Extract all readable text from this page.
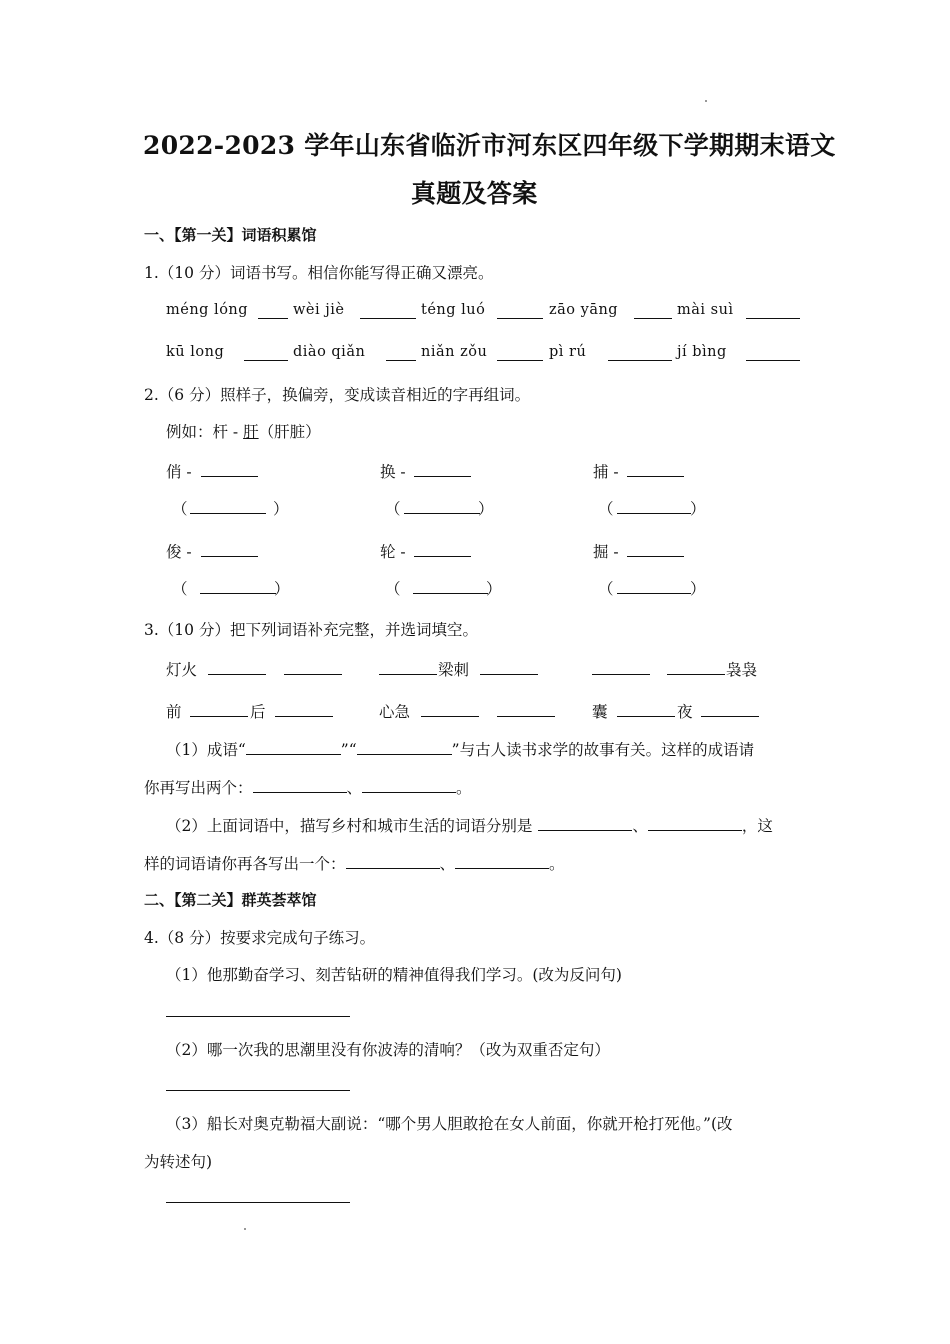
2022-2023 学年山东省临沂市河东区四年级下学期期末语文
真题及答案
一、【第一关】词语积累馆
1.（10 分）词语书写。相信你能写得正确又漂亮。
méng lóng	wèi jiè	téng luó	zāo yāng	mài suì
kū long	diào qiǎn	niǎn zǒu	pì rú	jí bìng
2.（6 分）照样子，换偏旁，变成读音相近的字再组词。
例如：杆 - 肝（肝脏）
俏 -	换 -	捕 -
（	）	（	）	（	）
俊 -	轮 -	掘 -
（	）	（	）	（	）
3.（10 分）把下列词语补充完整，并选词填空。
灯火	梁刺	袅袅
前	后	心急	囊	夜
（1）成语“	”“	”与古人读书求学的故事有关。这样的成语请
你再写出两个：	、	。
（2）上面词语中，描写乡村和城市生活的词语分别是	、	，这
样的词语请你再各写出一个：	、	。
二、【第二关】群英荟萃馆
4.（8 分）按要求完成句子练习。
（1）他那勤奋学习、刻苦钻研的精神值得我们学习。(改为反问句)
（2）哪一次我的思潮里没有你波涛的清响？（改为双重否定句）
（3）船长对奥克勒福大副说：“哪个男人胆敢抢在女人前面，你就开枪打死他。”(改
为转述句)
